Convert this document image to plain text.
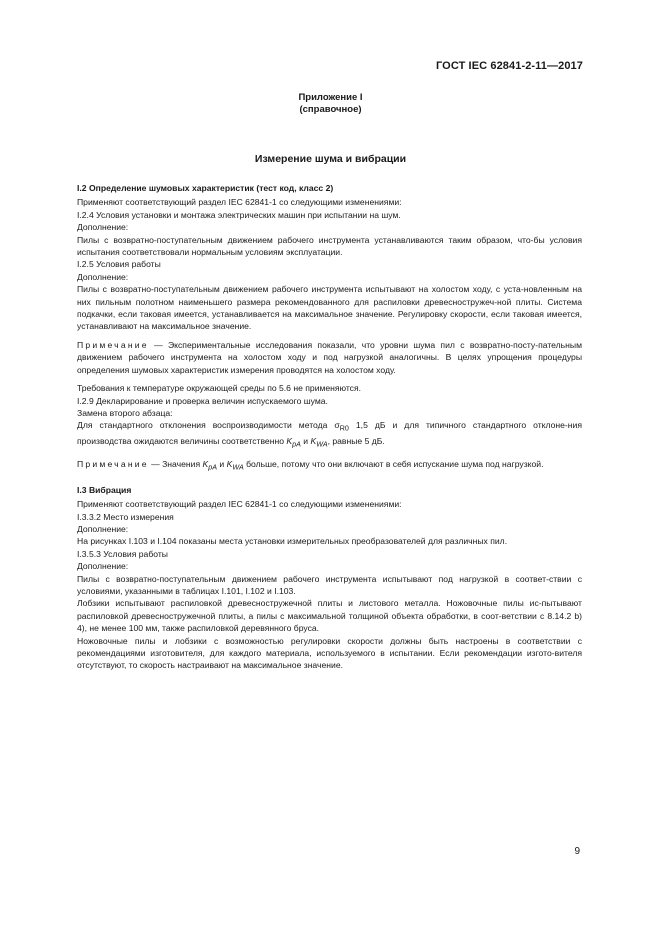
ГОСТ IEC 62841-2-11—2017
Приложение I
(справочное)
Измерение шума и вибрации

I.2 Определение шумовых характеристик (тест код, класс 2)

Применяют соответствующий раздел IEC 62841-1 со следующими изменениями:

I.2.4 Условия установки и монтажа электрических машин при испытании на шум.

Дополнение:

Пилы с возвратно-поступательным движением рабочего инструмента устанавливаются таким образом, что-бы условия испытания соответствовали нормальным условиям эксплуатации.

I.2.5 Условия работы

Дополнение:

Пилы с возвратно-поступательным движением рабочего инструмента испытывают на холостом ходу, с уста-новленным на них пильным полотном наименьшего размера рекомендованного для распиловки древесностружеч-ной плиты. Система подкачки, если таковая имеется, устанавливается на максимальное значение. Регулировку скорости, если таковая имеется, устанавливают на максимальное значение.

Примечание — Экспериментальные исследования показали, что уровни шума пил с возвратно-посту-пательным движением рабочего инструмента на холостом ходу и под нагрузкой аналогичны. В целях упрощения процедуры определения шумовых характеристик измерения проводятся на холостом ходу.

Требования к температуре окружающей среды по 5.6 не применяются.

I.2.9 Декларирование и проверка величин испускаемого шума.

Замена второго абзаца:

Для стандартного отклонения воспроизводимости метода $\sigma_{R0}$ 1,5 дБ и для типичного стандартного отклоне-ния производства ожидаются величины соответственно $K_{pA}$ и $K_{WA}$, равные 5 дБ.

Примечание — Значения $K_{pA}$ и $K_{WA}$ больше, потому что они включают в себя испускание шума под нагрузкой.

I.3 Вибрация

Применяют соответствующий раздел IEC 62841-1 со следующими изменениями:

I.3.3.2 Место измерения

Дополнение:

На рисунках I.103 и I.104 показаны места установки измерительных преобразователей для различных пил.

I.3.5.3 Условия работы

Дополнение:

Пилы с возвратно-поступательным движением рабочего инструмента испытывают под нагрузкой в соответ-ствии с условиями, указанными в таблицах I.101, I.102 и I.103.

Лобзики испытывают распиловкой древесностружечной плиты и листового металла. Ножовочные пилы ис-пытывают распиловкой древесностружечной плиты, а пилы с максимальной толщиной объекта обработки, в соот-ветствии с 8.14.2 b) 4), не менее 100 мм, также распиловкой деревянного бруса.

Ножовочные пилы и лобзики с возможностью регулировки скорости должны быть настроены в соответствии с рекомендациями изготовителя, для каждого материала, используемого в испытании. Если рекомендации изгото-вителя отсутствуют, то скорость настраивают на максимальное значение.

9
